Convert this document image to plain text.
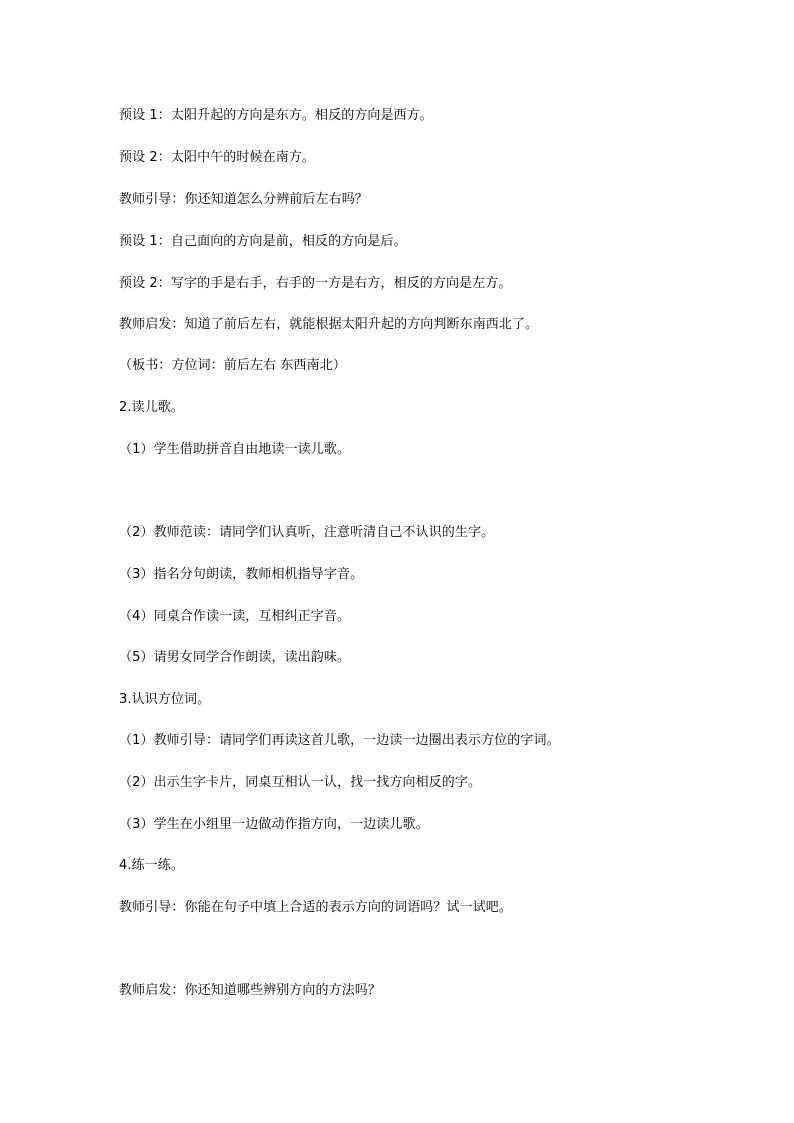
预设 1：太阳升起的方向是东方。相反的方向是西方。
预设 2：太阳中午的时候在南方。
教师引导：你还知道怎么分辨前后左右吗？
预设 1：自己面向的方向是前，相反的方向是后。
预设 2：写字的手是右手，右手的一方是右方，相反的方向是左方。
教师启发：知道了前后左右，就能根据太阳升起的方向判断东南西北了。
（板书：方位词：前后左右 东西南北）
2.读儿歌。
（1）学生借助拼音自由地读一读儿歌。
（2）教师范读：请同学们认真听，注意听清自己不认识的生字。
（3）指名分句朗读，教师相机指导字音。
（4）同桌合作读一读，互相纠正字音。
（5）请男女同学合作朗读，读出韵味。
3.认识方位词。
（1）教师引导：请同学们再读这首儿歌，一边读一边圈出表示方位的字词。
（2）出示生字卡片，同桌互相认一认，找一找方向相反的字。
（3）学生在小组里一边做动作指方向，一边读儿歌。
4.练一练。
教师引导：你能在句子中填上合适的表示方向的词语吗？试一试吧。
教师启发：你还知道哪些辨别方向的方法吗？
